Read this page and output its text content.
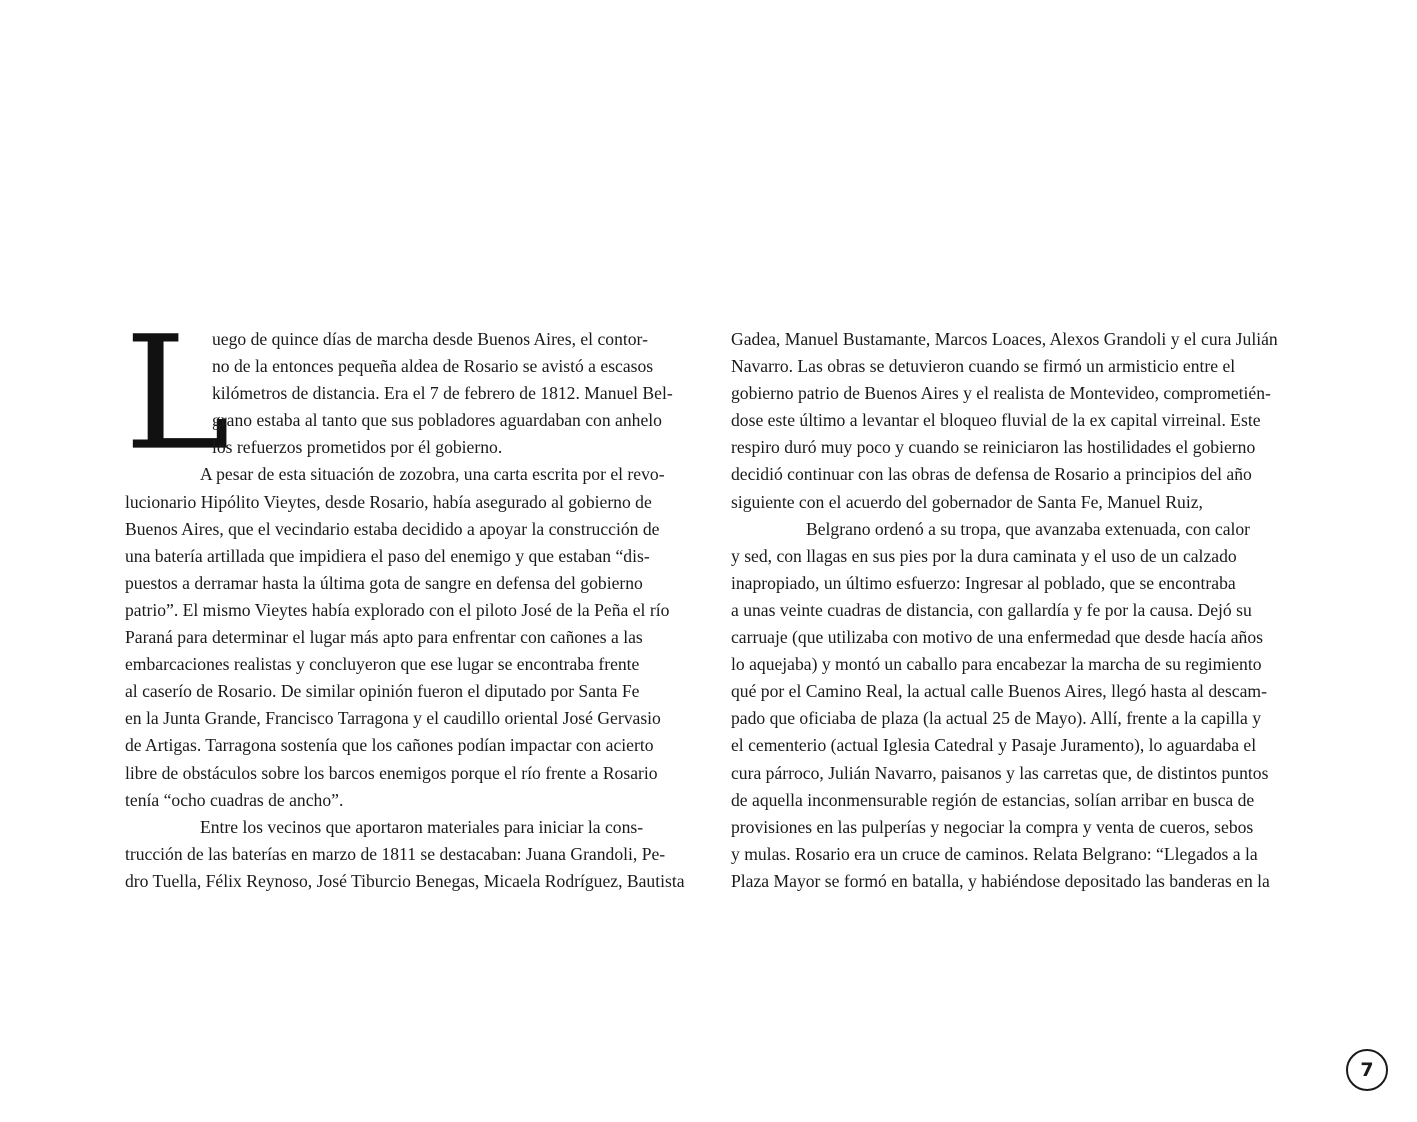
L
uego de quince días de marcha desde Buenos Aires, el contor-
no de la entonces pequeña aldea de Rosario se avistó a escasos
kilómetros de distancia. Era el 7 de febrero de 1812. Manuel Bel-
grano estaba al tanto que sus pobladores aguardaban con anhelo
los refuerzos prometidos por él gobierno.
A pesar de esta situación de zozobra, una carta escrita por el revo-
lucionario Hipólito Vieytes, desde Rosario, había asegurado al gobierno de
Buenos Aires, que el vecindario estaba decidido a apoyar la construcción de
una batería artillada que impidiera el paso del enemigo y que estaban “dis-
puestos a derramar hasta la última gota de sangre en defensa del gobierno
patrio”. El mismo Vieytes había explorado con el piloto José de la Peña el río
Paraná para determinar el lugar más apto para enfrentar con cañones a las
embarcaciones realistas y concluyeron que ese lugar se encontraba frente
al caserío de Rosario. De similar opinión fueron el diputado por Santa Fe
en la Junta Grande, Francisco Tarragona y el caudillo oriental José Gervasio
de Artigas. Tarragona sostenía que los cañones podían impactar con acierto
libre de obstáculos sobre los barcos enemigos porque el río frente a Rosario
tenía “ocho cuadras de ancho”.
Entre los vecinos que aportaron materiales para iniciar la cons-
trucción de las baterías en marzo de 1811 se destacaban: Juana Grandoli, Pe-
dro Tuella, Félix Reynoso, José Tiburcio Benegas, Micaela Rodríguez, Bautista
Gadea, Manuel Bustamante, Marcos Loaces, Alexos Grandoli y el cura Julián
Navarro. Las obras se detuvieron cuando se firmó un armisticio entre el
gobierno patrio de Buenos Aires y el realista de Montevideo, comprometién-
dose este último a levantar el bloqueo fluvial de la ex capital virreinal. Este
respiro duró muy poco y cuando se reiniciaron las hostilidades el gobierno
decidió continuar con las obras de defensa de Rosario a principios del año
siguiente con el acuerdo del gobernador de Santa Fe, Manuel Ruiz,
Belgrano ordenó a su tropa, que avanzaba extenuada, con calor
y sed, con llagas en sus pies por la dura caminata y el uso de un calzado
inapropiado, un último esfuerzo: Ingresar al poblado, que se encontraba
a unas veinte cuadras de distancia, con gallardía y fe por la causa. Dejó su
carruaje (que utilizaba con motivo de una enfermedad que desde hacía años
lo aquejaba) y montó un caballo para encabezar la marcha de su regimiento
qué por el Camino Real, la actual calle Buenos Aires, llegó hasta al descam-
pado que oficiaba de plaza (la actual 25 de Mayo). Allí, frente a la capilla y
el cementerio (actual Iglesia Catedral y Pasaje Juramento), lo aguardaba el
cura párroco, Julián Navarro, paisanos y las carretas que, de distintos puntos
de aquella inconmensurable región de estancias, solían arribar en busca de
provisiones en las pulperías y negociar la compra y venta de cueros, sebos
y mulas. Rosario era un cruce de caminos. Relata Belgrano: “Llegados a la
Plaza Mayor se formó en batalla, y habiéndose depositado las banderas en la
7
